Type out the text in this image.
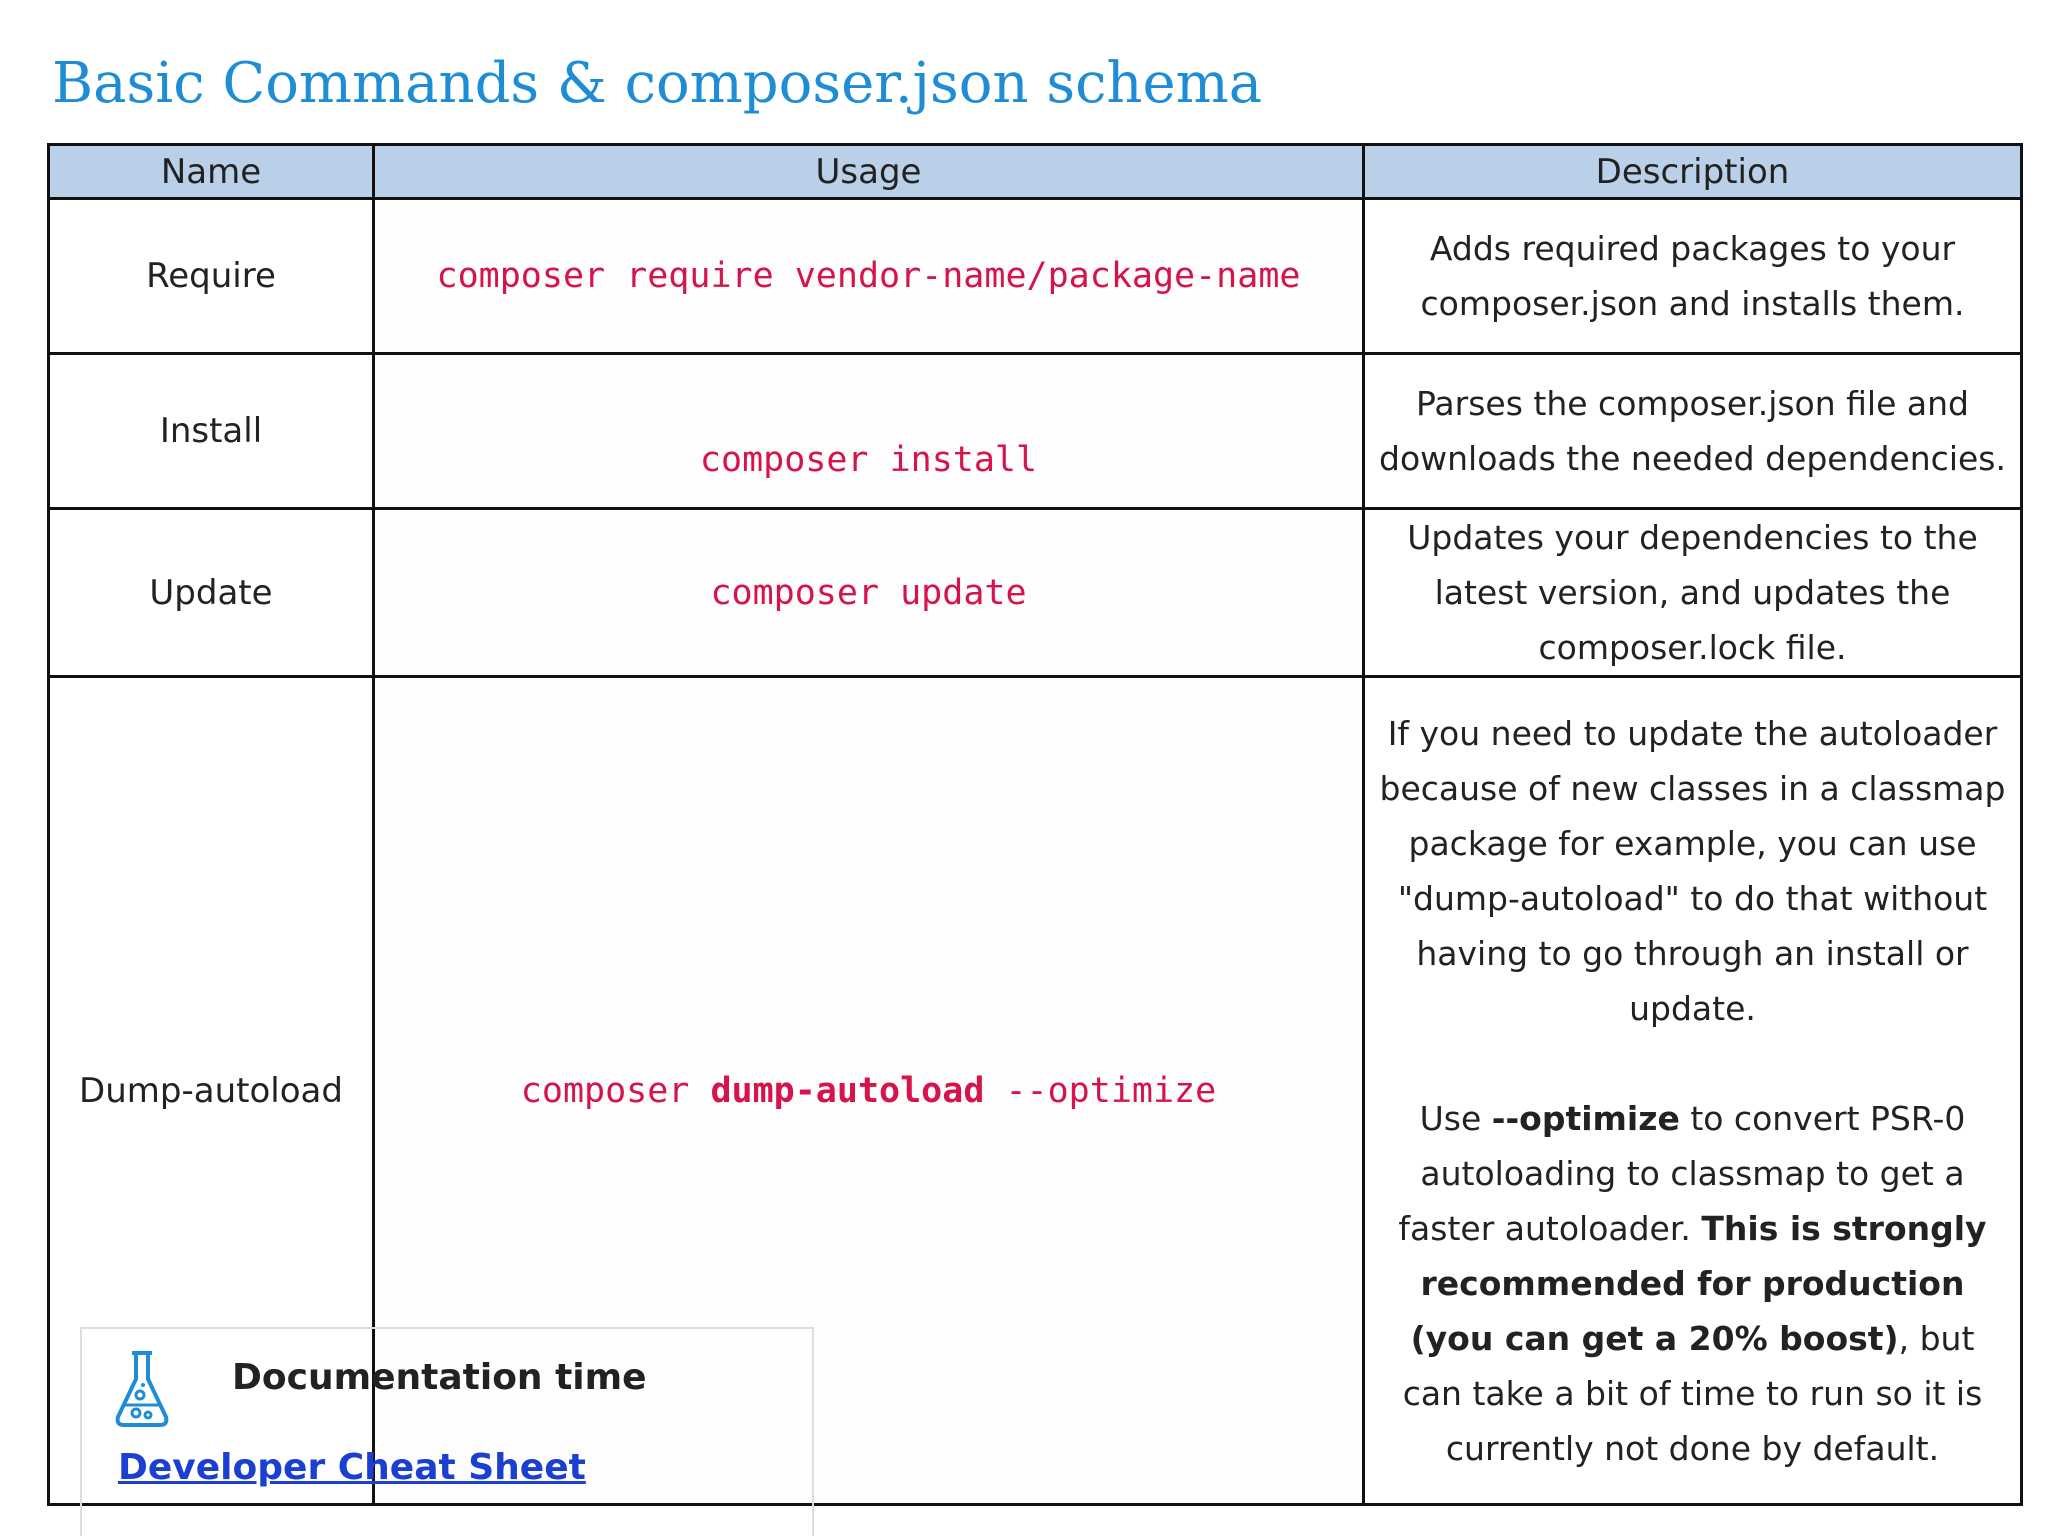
Basic Commands & composer.json schema
Name	Usage	Description
Require	composer require vendor-name/package-name	Adds required packages to your composer.json and installs them.
Install	composer install	Parses the composer.json file and downloads the needed dependencies.
Update	composer update	Updates your dependencies to the latest version, and updates the composer.lock file.
Dump-autoload	composer dump-autoload --optimize	If you need to update the autoloader because of new classes in a classmap package for example, you can use "dump-autoload" to do that without having to go through an install or update.
Use --optimize to convert PSR-0 autoloading to classmap to get a faster autoloader. This is strongly recommended for production (you can get a 20% boost), but can take a bit of time to run so it is currently not done by default.
Documentation time
Developer Cheat Sheet
